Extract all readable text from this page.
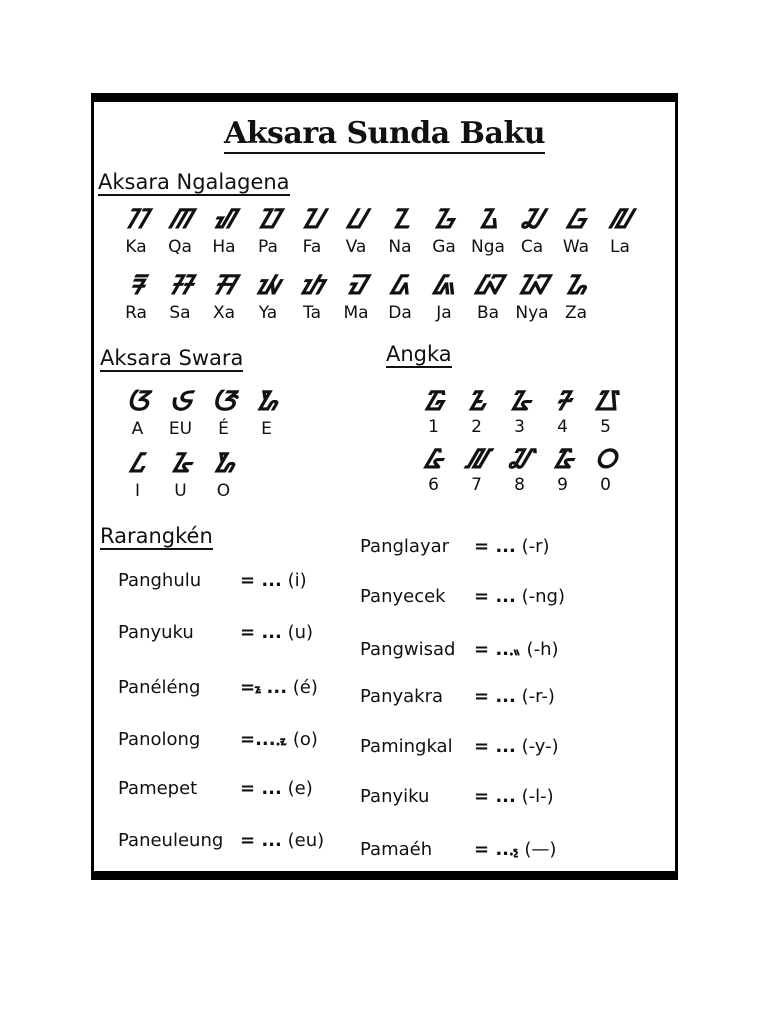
Aksara Sunda Baku
Aksara Ngalagena
ᮊ
Ka
ᮋ
Qa
ᮠ
Ha
ᮕ
Pa
ᮖ
Fa
ᮗ
Va
ᮔ
Na
ᮌ
Ga
ᮍ
Nga
ᮎ
Ca
ᮝ
Wa
ᮜ
La
ᮛ
Ra
ᮞ
Sa
ᮟ
Xa
ᮚ
Ya
ᮒ
Ta
ᮙ
Ma
ᮓ
Da
ᮏ
Ja
ᮘ
Ba
ᮑ
Nya
ᮐ
Za
Aksara Swara
ᮃ
A
ᮈ
EU
ᮆ
É
ᮇ
E
ᮄ
I
ᮅ
U
ᮇ
O
Angka
᮱
1
᮲
2
᮳
3
᮴
4
᮵
5
᮶
6
᮷
7
᮸
8
᮹
9
᮰
0
Rarangkén
Panghulu = ... (i)
Panyuku	= ... (u)
Panéléng = ᮦ... (é)
Panolong =....ᮧ (o)
Pamepet = ... (e)
Paneuleung = ... (eu)
Panglayar = ... (-r)
Panyecek = ... (-ng)
Pangwisad = ...ᮂ (-h)
Panyakra = ... (-r-)
Pamingkal = ... (-y-)
Panyiku = ... (-l-)
Pamaéh = ...᮪ (—)
